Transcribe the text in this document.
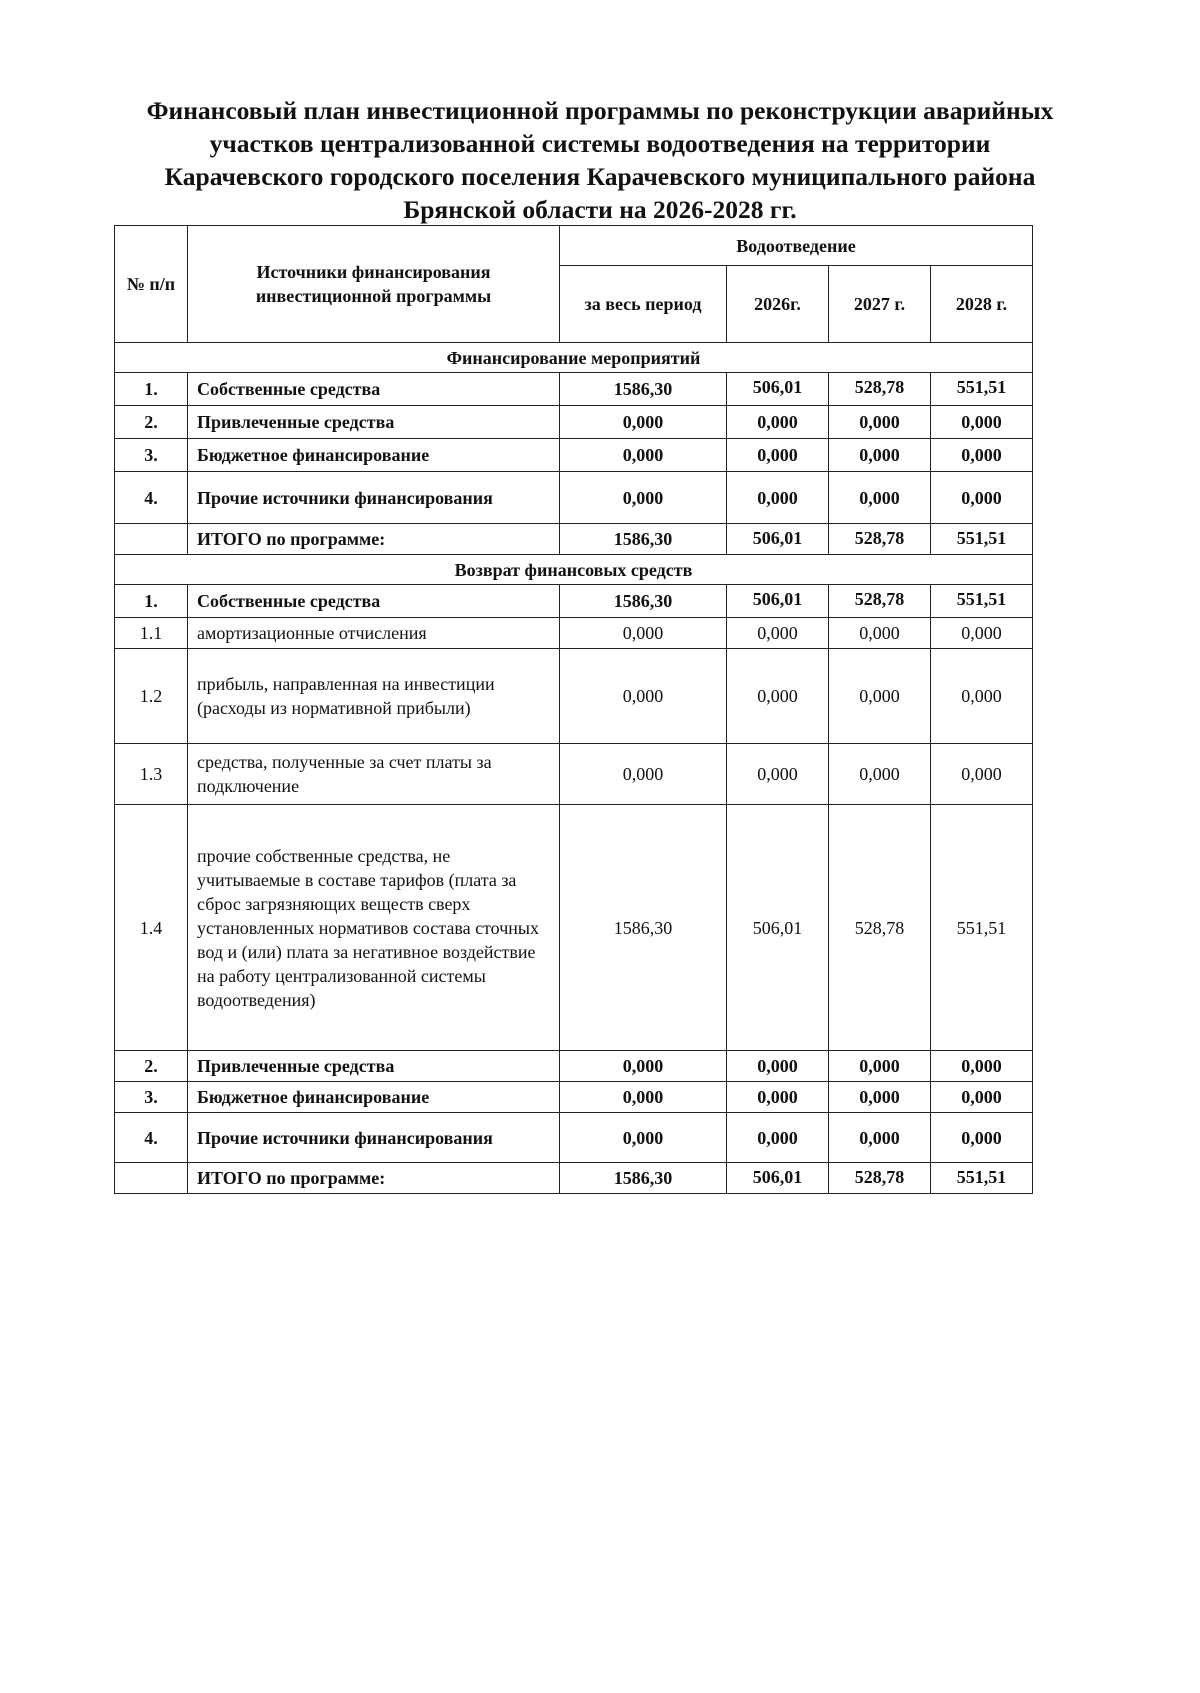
Финансовый план инвестиционной программы по реконструкции аварийных
участков централизованной системы водоотведения на территории
Карачевского городского поселения Карачевского муниципального района
Брянской области на 2026-2028 гг.
№ п/п	Источники финансирования инвестиционной программы	Водоотведение			
		за весь период	2026г.	2027 г.	2028 г.
Финансирование мероприятий					
1.	Собственные средства	1586,30	506,01	528,78	551,51
2.	Привлеченные средства	0,000	0,000	0,000	0,000
3.	Бюджетное финансирование	0,000	0,000	0,000	0,000
4.	Прочие источники финансирования	0,000	0,000	0,000	0,000
	ИТОГО по программе:	1586,30	506,01	528,78	551,51
Возврат финансовых средств					
1.	Собственные средства	1586,30	506,01	528,78	551,51
1.1	амортизационные отчисления	0,000	0,000	0,000	0,000
1.2	прибыль, направленная на инвестиции (расходы из нормативной прибыли)	0,000	0,000	0,000	0,000
1.3	средства, полученные за счет платы за подключение	0,000	0,000	0,000	0,000
1.4	прочие собственные средства, не учитываемые в составе тарифов (плата за сброс загрязняющих веществ сверх установленных нормативов состава сточных вод и (или) плата за негативное воздействие на работу централизованной системы водоотведения)	1586,30	506,01	528,78	551,51
2.	Привлеченные средства	0,000	0,000	0,000	0,000
3.	Бюджетное финансирование	0,000	0,000	0,000	0,000
4.	Прочие источники финансирования	0,000	0,000	0,000	0,000
	ИТОГО по программе:	1586,30	506,01	528,78	551,51
